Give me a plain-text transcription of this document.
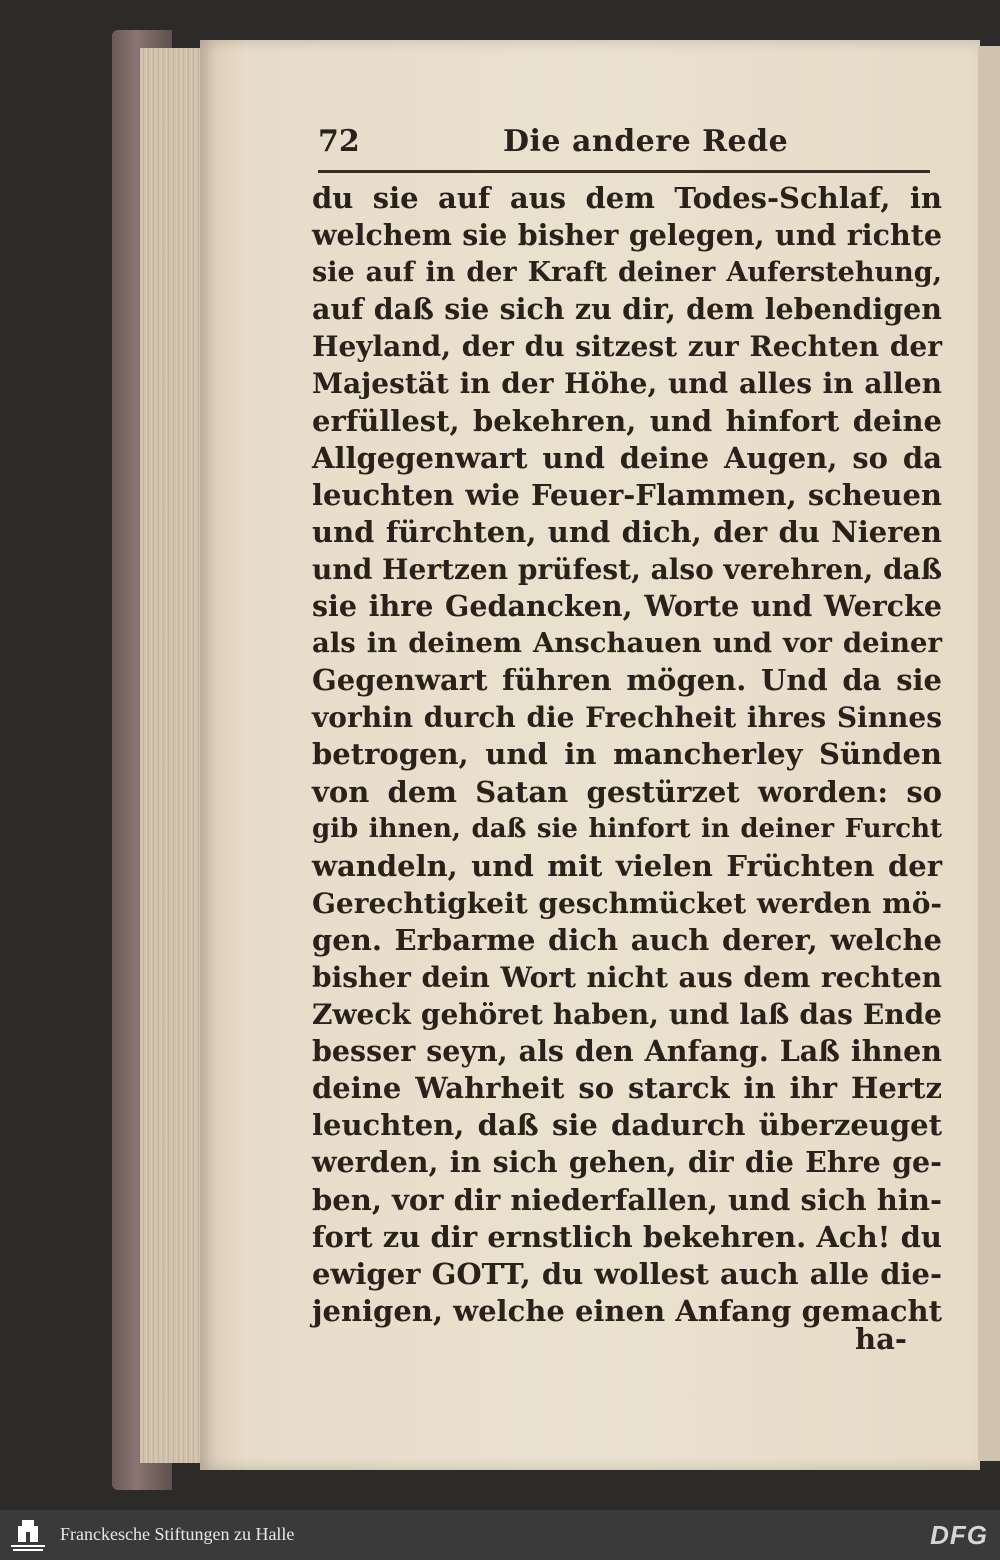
72	Die andere Rede
du sie auf aus dem Todes-Schlaf, in
welchem sie bisher gelegen, und richte
sie auf in der Kraft deiner Auferstehung,
auf daß sie sich zu dir, dem lebendigen
Heyland, der du sitzest zur Rechten der
Majestät in der Höhe, und alles in allen
erfüllest, bekehren, und hinfort deine
Allgegenwart und deine Augen, so da
leuchten wie Feuer-Flammen, scheuen
und fürchten, und dich, der du Nieren
und Hertzen prüfest, also verehren, daß
sie ihre Gedancken, Worte und Wercke
als in deinem Anschauen und vor deiner
Gegenwart führen mögen. Und da sie
vorhin durch die Frechheit ihres Sinnes
betrogen, und in mancherley Sünden
von dem Satan gestürzet worden: so
gib ihnen, daß sie hinfort in deiner Furcht
wandeln, und mit vielen Früchten der
Gerechtigkeit geschmücket werden mö-
gen. Erbarme dich auch derer, welche
bisher dein Wort nicht aus dem rechten
Zweck gehöret haben, und laß das Ende
besser seyn, als den Anfang. Laß ihnen
deine Wahrheit so starck in ihr Hertz
leuchten, daß sie dadurch überzeuget
werden, in sich gehen, dir die Ehre ge-
ben, vor dir niederfallen, und sich hin-
fort zu dir ernstlich bekehren. Ach! du
ewiger GOTT, du wollest auch alle die-
jenigen, welche einen Anfang gemacht
ha-
Franckesche Stiftungen zu Halle	DFG
